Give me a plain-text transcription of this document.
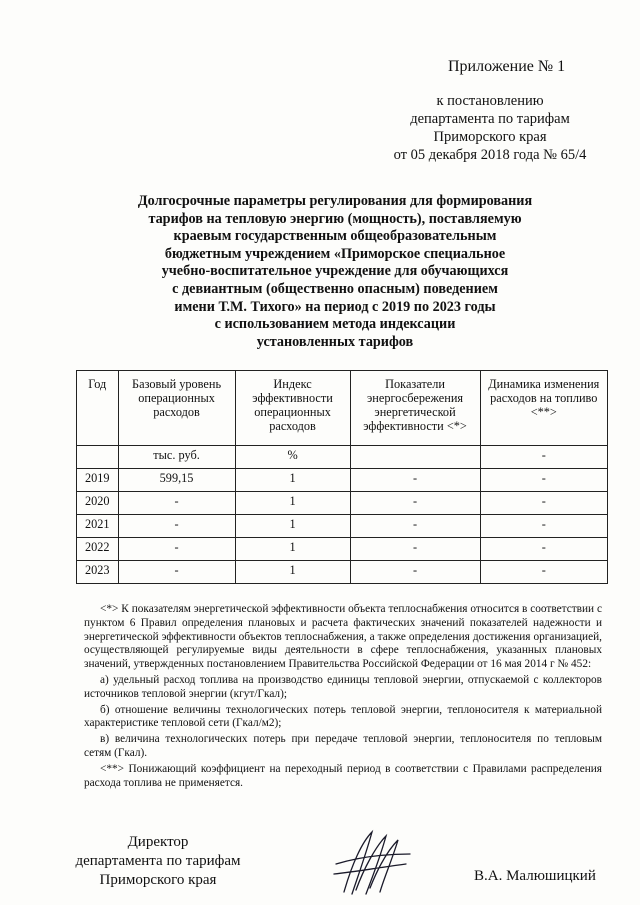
Приложение № 1
к постановлению
департамента по тарифам
Приморского края
от 05 декабря 2018 года № 65/4
Долгосрочные параметры регулирования для формирования
тарифов на тепловую энергию (мощность), поставляемую
краевым государственным общеобразовательным
бюджетным учреждением «Приморское специальное
учебно-воспитательное учреждение для обучающихся
с девиантным (общественно опасным) поведением
имени Т.М. Тихого» на период с 2019 по 2023 годы
с использованием метода индексации
установленных тарифов
Год	Базовый уровень операционных расходов	Индекс эффективности операционных расходов	Показатели энергосбережения энергетической эффективности <*>	Динамика изменения расходов на топливо <**>
	тыс. руб.	%		-
2019	599,15	1	-	-
2020	-	1	-	-
2021	-	1	-	-
2022	-	1	-	-
2023	-	1	-	-

<*> К показателям энергетической эффективности объекта теплоснабжения относится в соответствии с пунктом 6 Правил определения плановых и расчета фактических значений показателей надежности и энергетической эффективности объектов теплоснабжения, а также определения достижения организацией, осуществляющей регулируемые виды деятельности в сфере теплоснабжения, указанных плановых значений, утвержденных постановлением Правительства Российской Федерации от 16 мая 2014 г № 452:

а) удельный расход топлива на производство единицы тепловой энергии, отпускаемой с коллекторов источников тепловой энергии (кгут/Гкал);

б) отношение величины технологических потерь тепловой энергии, теплоносителя к материальной характеристике тепловой сети (Гкал/м2);

в) величина технологических потерь при передаче тепловой энергии, теплоносителя по тепловым сетям (Гкал).

<**> Понижающий коэффициент на переходный период в соответствии с Правилами распределения расхода топлива не применяется.

Директор
департамента по тарифам
Приморского края	В.А. Малюшицкий
